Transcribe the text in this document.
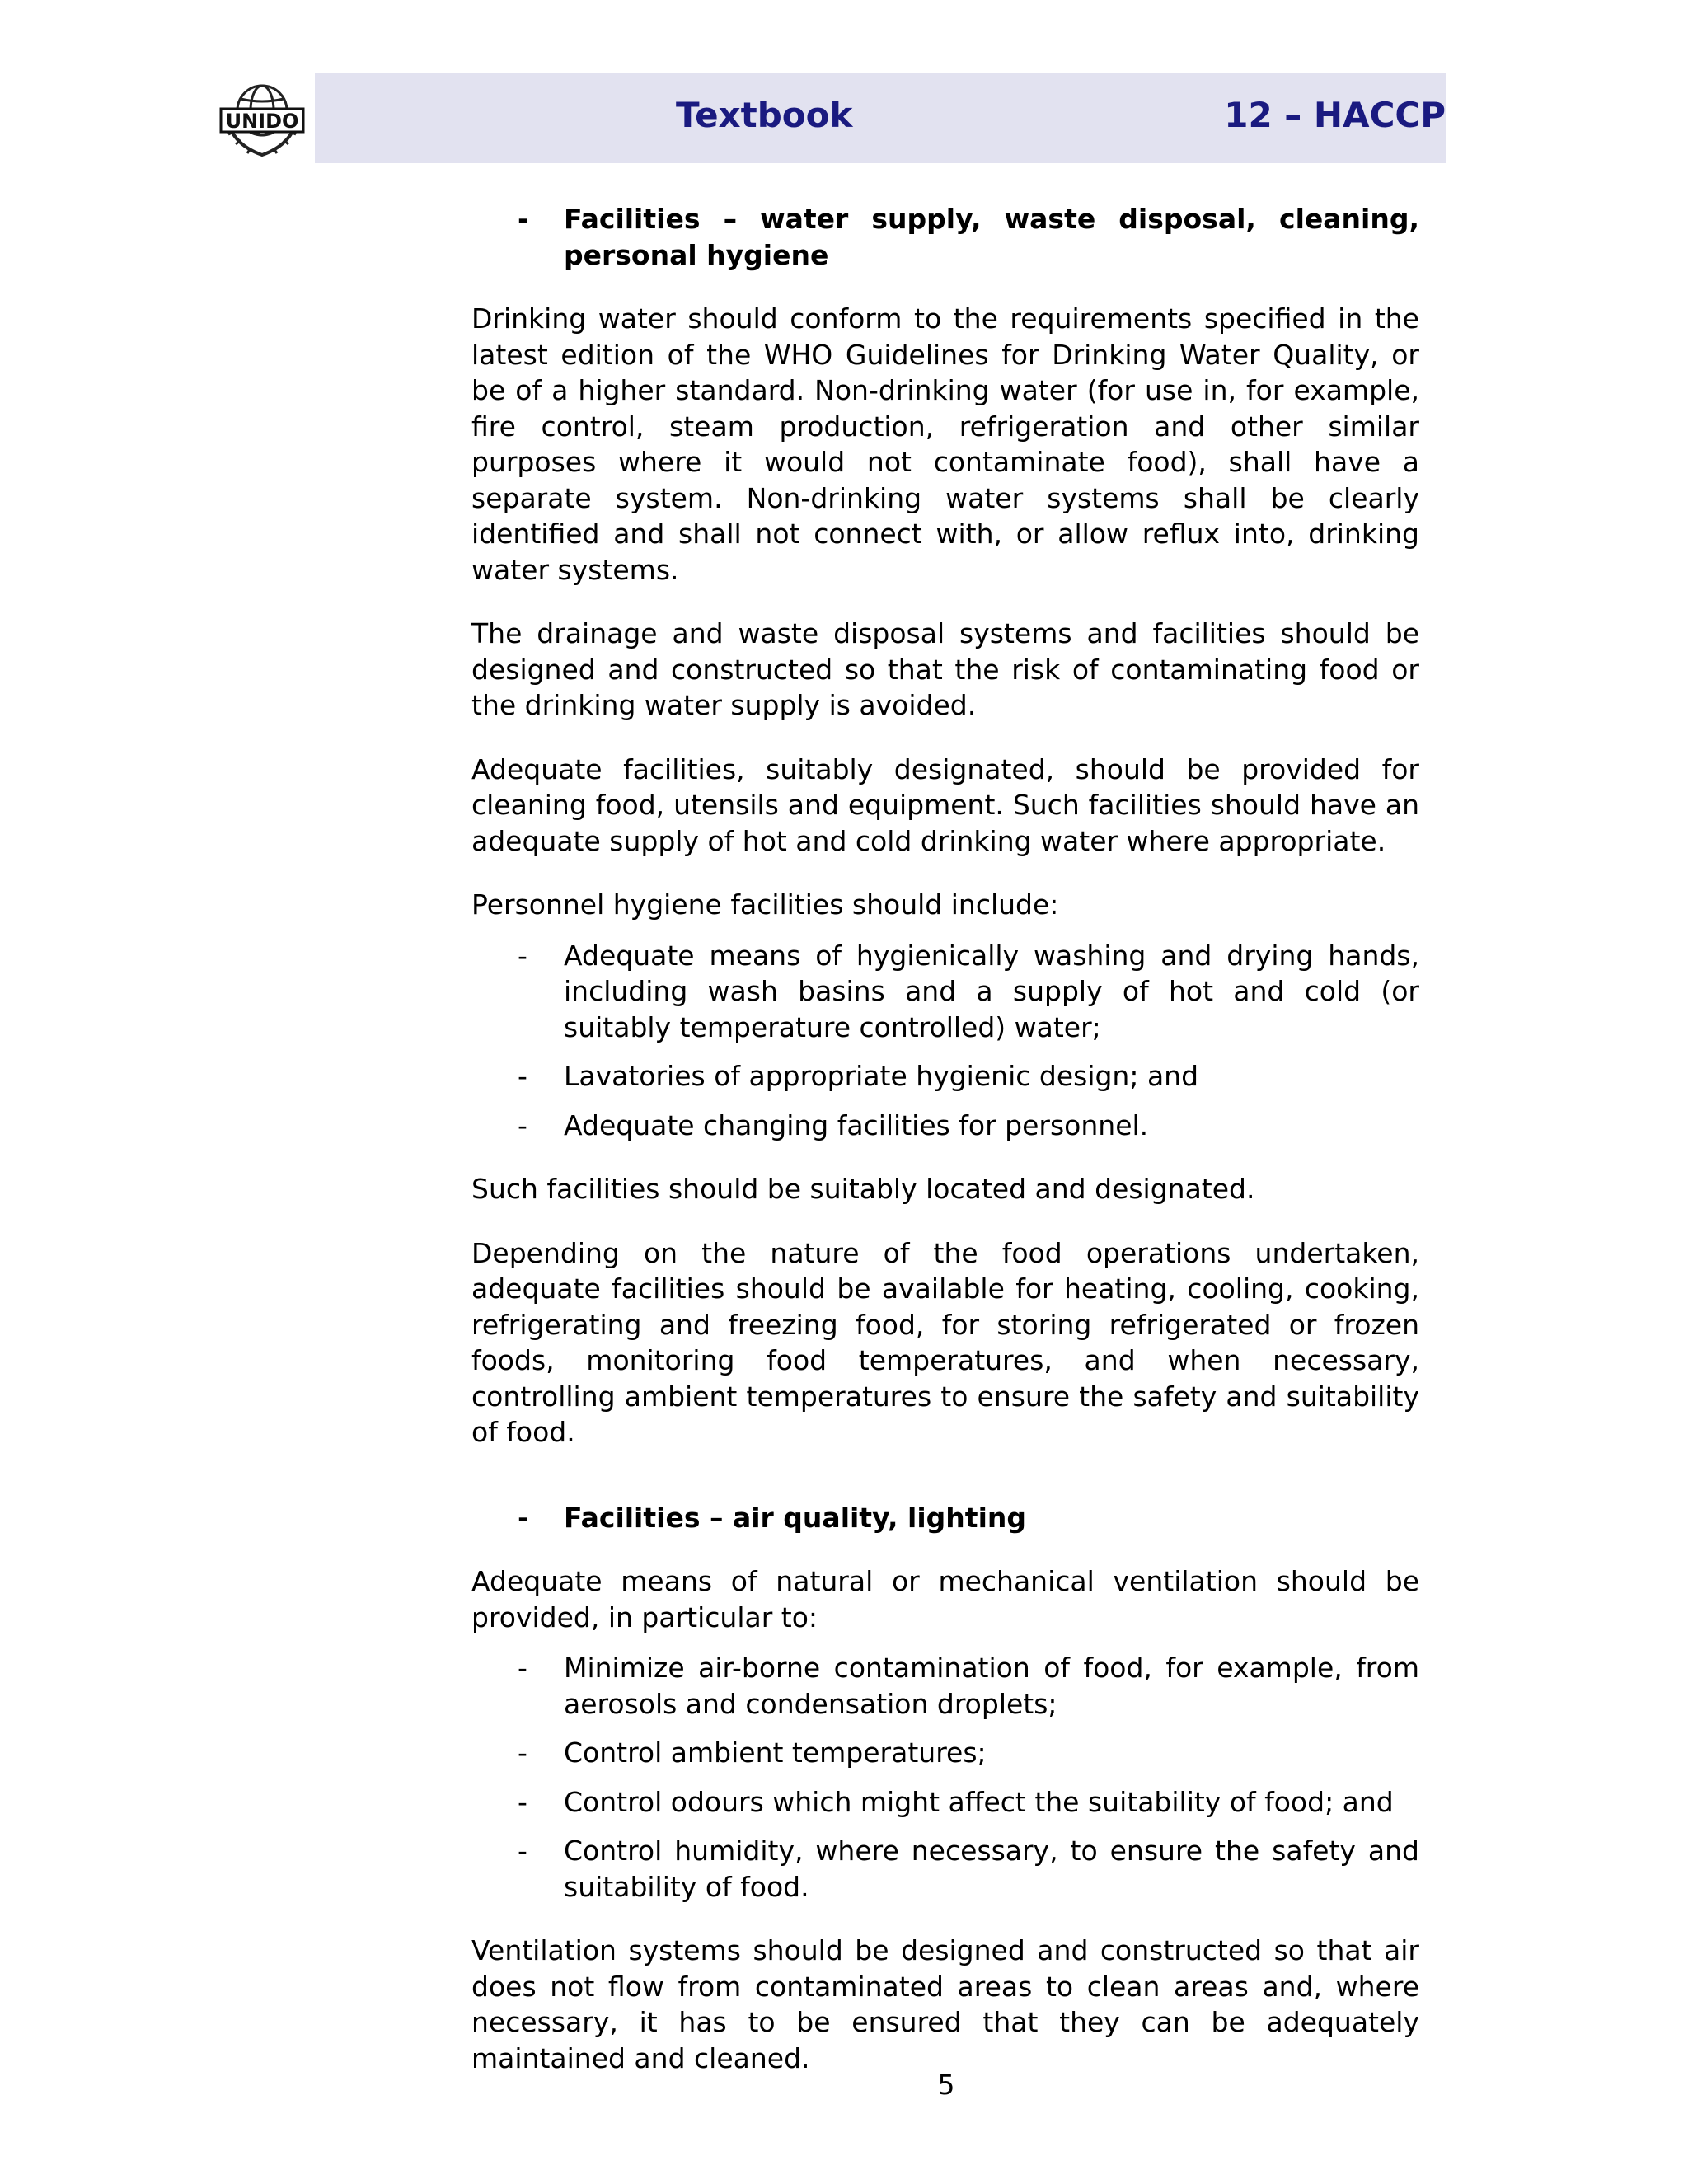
UNIDO	Textbook	12 – HACCP
-	Facilities – water supply, waste disposal, cleaning, personal hygiene

Drinking water should conform to the requirements specified in the latest edition of the WHO Guidelines for Drinking Water Quality, or be of a higher standard. Non-drinking water (for use in, for example, fire control, steam production, refrigeration and other similar purposes where it would not contaminate food), shall have a separate system. Non-drinking water systems shall be clearly identified and shall not connect with, or allow reflux into, drinking water systems.

The drainage and waste disposal systems and facilities should be designed and constructed so that the risk of contaminating food or the drinking water supply is avoided.

Adequate facilities, suitably designated, should be provided for cleaning food, utensils and equipment. Such facilities should have an adequate supply of hot and cold drinking water where appropriate.

Personnel hygiene facilities should include:

-	Adequate means of hygienically washing and drying hands, including wash basins and a supply of hot and cold (or suitably temperature controlled) water;
-	Lavatories of appropriate hygienic design; and
-	Adequate changing facilities for personnel.

Such facilities should be suitably located and designated.

Depending on the nature of the food operations undertaken, adequate facilities should be available for heating, cooling, cooking, refrigerating and freezing food, for storing refrigerated or frozen foods, monitoring food temperatures, and when necessary, controlling ambient temperatures to ensure the safety and suitability of food.

-	Facilities – air quality, lighting

Adequate means of natural or mechanical ventilation should be provided, in particular to:

-	Minimize air-borne contamination of food, for example, from aerosols and condensation droplets;
-	Control ambient temperatures;
-	Control odours which might affect the suitability of food; and
-	Control humidity, where necessary, to ensure the safety and suitability of food.

Ventilation systems should be designed and constructed so that air does not flow from contaminated areas to clean areas and, where necessary, it has to be ensured that they can be adequately maintained and cleaned.

5
